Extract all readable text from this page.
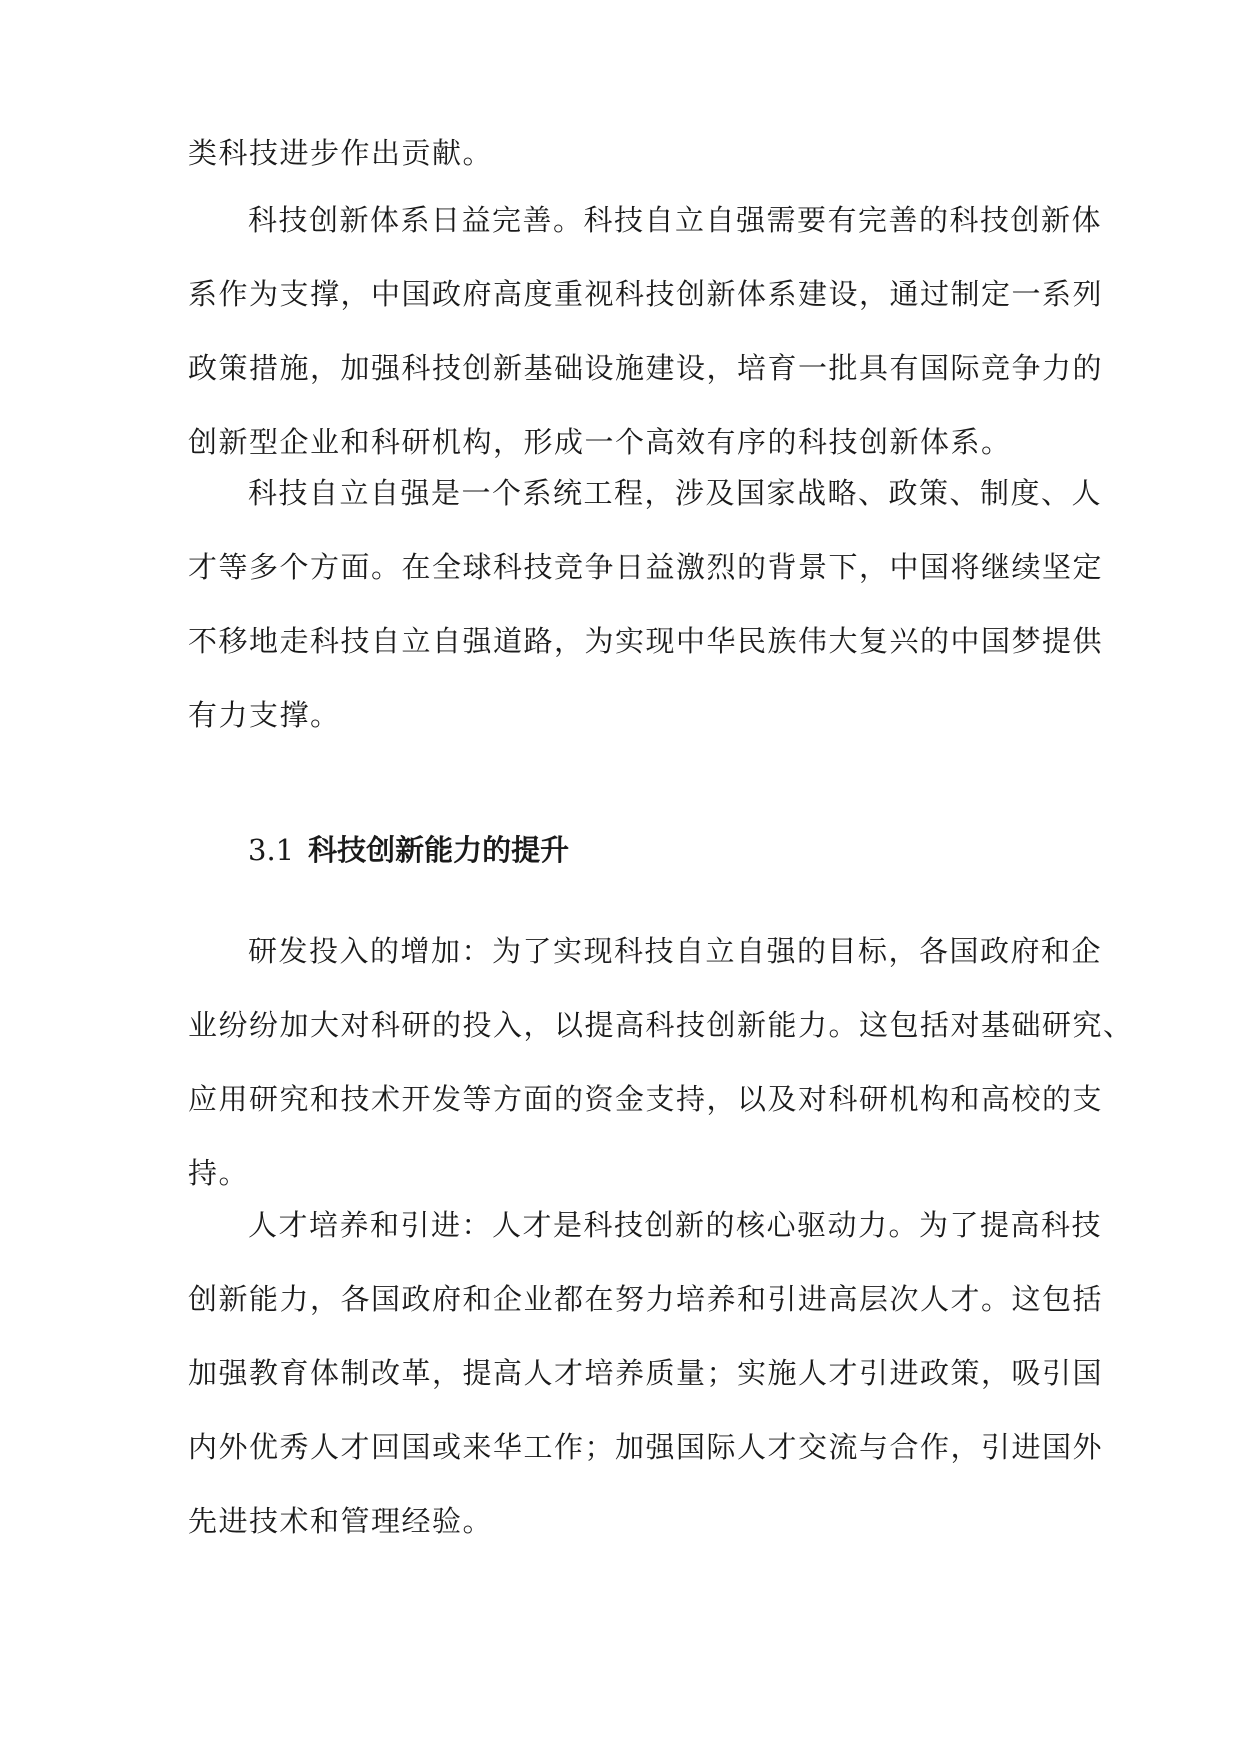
类科技进步作出贡献。
科技创新体系日益完善。科技自立自强需要有完善的科技创新体
系作为支撑，中国政府高度重视科技创新体系建设，通过制定一系列
政策措施，加强科技创新基础设施建设，培育一批具有国际竞争力的
创新型企业和科研机构，形成一个高效有序的科技创新体系。
科技自立自强是一个系统工程，涉及国家战略、政策、制度、人
才等多个方面。在全球科技竞争日益激烈的背景下，中国将继续坚定
不移地走科技自立自强道路，为实现中华民族伟大复兴的中国梦提供
有力支撑。
3.1 科技创新能力的提升
研发投入的增加：为了实现科技自立自强的目标，各国政府和企
业纷纷加大对科研的投入，以提高科技创新能力。这包括对基础研究、
应用研究和技术开发等方面的资金支持，以及对科研机构和高校的支
持。
人才培养和引进：人才是科技创新的核心驱动力。为了提高科技
创新能力，各国政府和企业都在努力培养和引进高层次人才。这包括
加强教育体制改革，提高人才培养质量；实施人才引进政策，吸引国
内外优秀人才回国或来华工作；加强国际人才交流与合作，引进国外
先进技术和管理经验。
